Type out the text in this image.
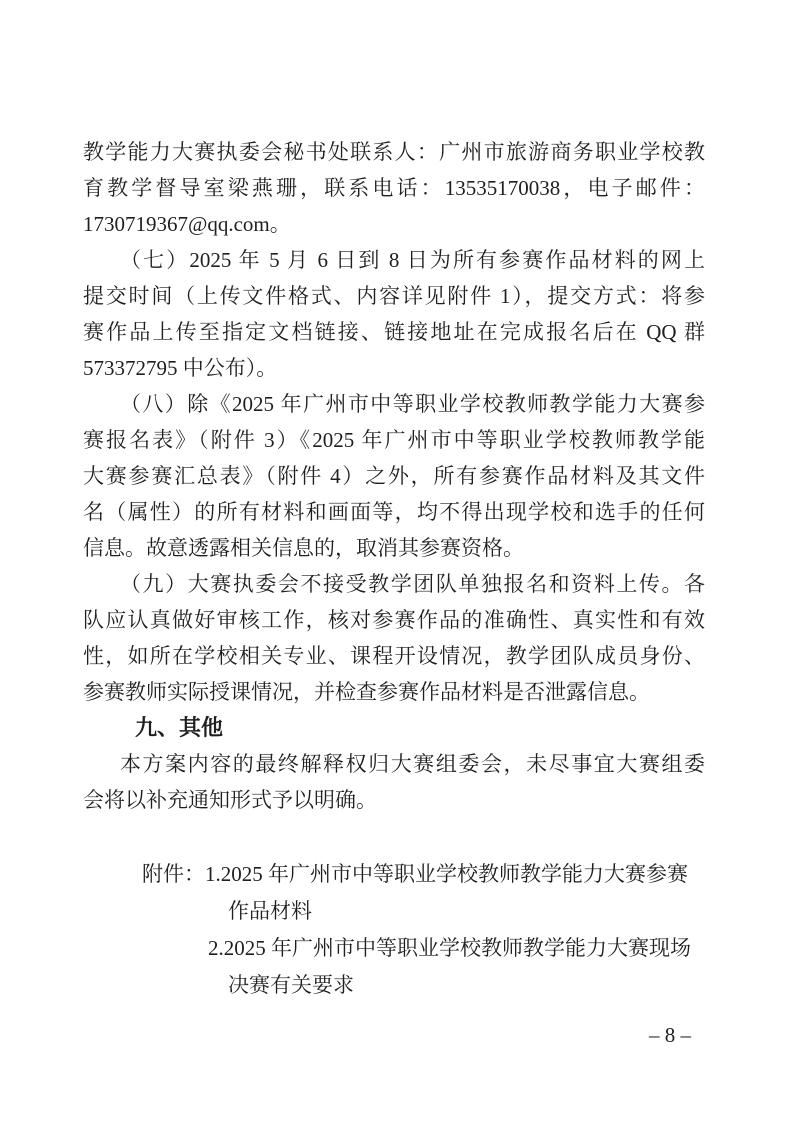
教学能力大赛执委会秘书处联系人：广州市旅游商务职业学校教
育教学督导室梁燕珊，联系电话：13535170038，电子邮件：
1730719367@qq.com。
（七）2025 年 5 月 6 日到 8 日为所有参赛作品材料的网上
提交时间（上传文件格式、内容详见附件 1），提交方式：将参
赛作品上传至指定文档链接、链接地址在完成报名后在 QQ 群
573372795 中公布）。
（八）除《2025 年广州市中等职业学校教师教学能力大赛参
赛报名表》（附件 3）《2025 年广州市中等职业学校教师教学能
大赛参赛汇总表》（附件 4）之外，所有参赛作品材料及其文件
名（属性）的所有材料和画面等，均不得出现学校和选手的任何
信息。故意透露相关信息的，取消其参赛资格。
（九）大赛执委会不接受教学团队单独报名和资料上传。各
队应认真做好审核工作，核对参赛作品的准确性、真实性和有效
性，如所在学校相关专业、课程开设情况，教学团队成员身份、
参赛教师实际授课情况，并检查参赛作品材料是否泄露信息。
九、其他
本方案内容的最终解释权归大赛组委会，未尽事宜大赛组委
会将以补充通知形式予以明确。
附件：1.2025 年广州市中等职业学校教师教学能力大赛参赛
作品材料
2.2025 年广州市中等职业学校教师教学能力大赛现场
决赛有关要求
– 8 –
